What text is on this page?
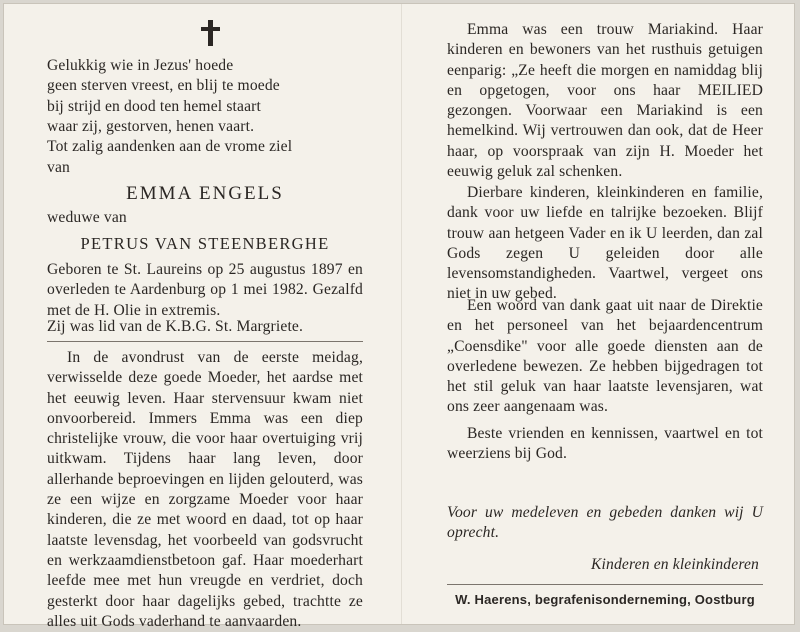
Gelukkig wie in Jezus' hoede

geen sterven vreest, en blij te moede

bij strijd en dood ten hemel staart

waar zij, gestorven, henen vaart.

Tot zalig aandenken aan de vrome ziel

van

EMMA ENGELS

weduwe van

PETRUS VAN STEENBERGHE

Geboren te St. Laureins op 25 augustus 1897 en overleden te Aardenburg op 1 mei 1982. Gezalfd met de H. Olie in extremis.

Zij was lid van de K.B.G. St. Margriete.

In de avondrust van de eerste meidag, verwisselde deze goede Moeder, het aardse met het eeuwig leven. Haar stervensuur kwam niet onvoorbereid. Immers Emma was een diep christelijke vrouw, die voor haar overtuiging vrij uitkwam. Tijdens haar lang leven, door allerhande beproevingen en lijden gelouterd, was ze een wijze en zorgzame Moeder voor haar kinderen, die ze met woord en daad, tot op haar laatste levensdag, het voorbeeld van godsvrucht en werkzaamdienstbetoon gaf. Haar moederhart leefde mee met hun vreugde en verdriet, doch gesterkt door haar dagelijks gebed, trachtte ze alles uit Gods vaderhand te aanvaarden.

Emma was een trouw Mariakind. Haar kinderen en bewoners van het rusthuis getuigen eenparig: „Ze heeft die morgen en namiddag blij en opgetogen, voor ons haar MEILIED gezongen. Voorwaar een Mariakind is een hemelkind. Wij vertrouwen dan ook, dat de Heer haar, op voorspraak van zijn H. Moeder het eeuwig geluk zal schenken.

Dierbare kinderen, kleinkinderen en familie, dank voor uw liefde en talrijke bezoeken. Blijf trouw aan hetgeen Vader en ik U leerden, dan zal Gods zegen U geleiden door alle levensomstandigheden. Vaartwel, vergeet ons niet in uw gebed.

Een woord van dank gaat uit naar de Direktie en het personeel van het bejaardencentrum „Coensdike" voor alle goede diensten aan de overledene bewezen. Ze hebben bijgedragen tot het stil geluk van haar laatste levensjaren, wat ons zeer aangenaam was.

Beste vrienden en kennissen, vaartwel en tot weerziens bij God.

Voor uw medeleven en gebeden danken wij U oprecht.

Kinderen en kleinkinderen

W. Haerens, begrafenisonderneming, Oostburg
